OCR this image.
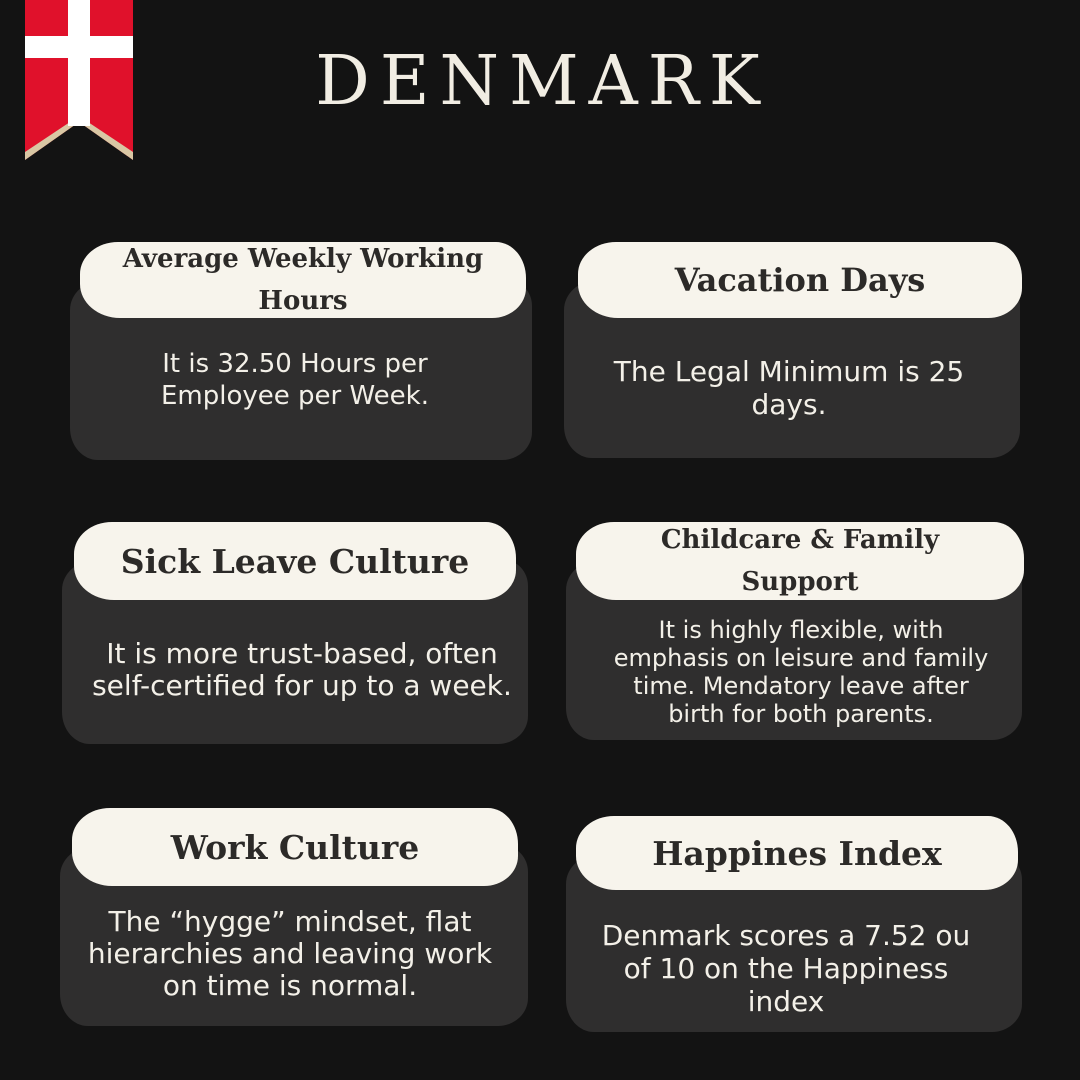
DENMARK
Average Weekly Working Hours
It is 32.50 Hours per Employee per Week.
Vacation Days
The Legal Minimum is 25 days.
Sick Leave Culture
It is more trust-based, often self-certified for up to a week.
Childcare & Family Support
It is highly flexible, with emphasis on leisure and family time. Mendatory leave after birth for both parents.
Work Culture
The “hygge” mindset, flat hierarchies and leaving work on time is normal.
Happines Index
Denmark scores a 7.52 ou of 10 on the Happiness index
